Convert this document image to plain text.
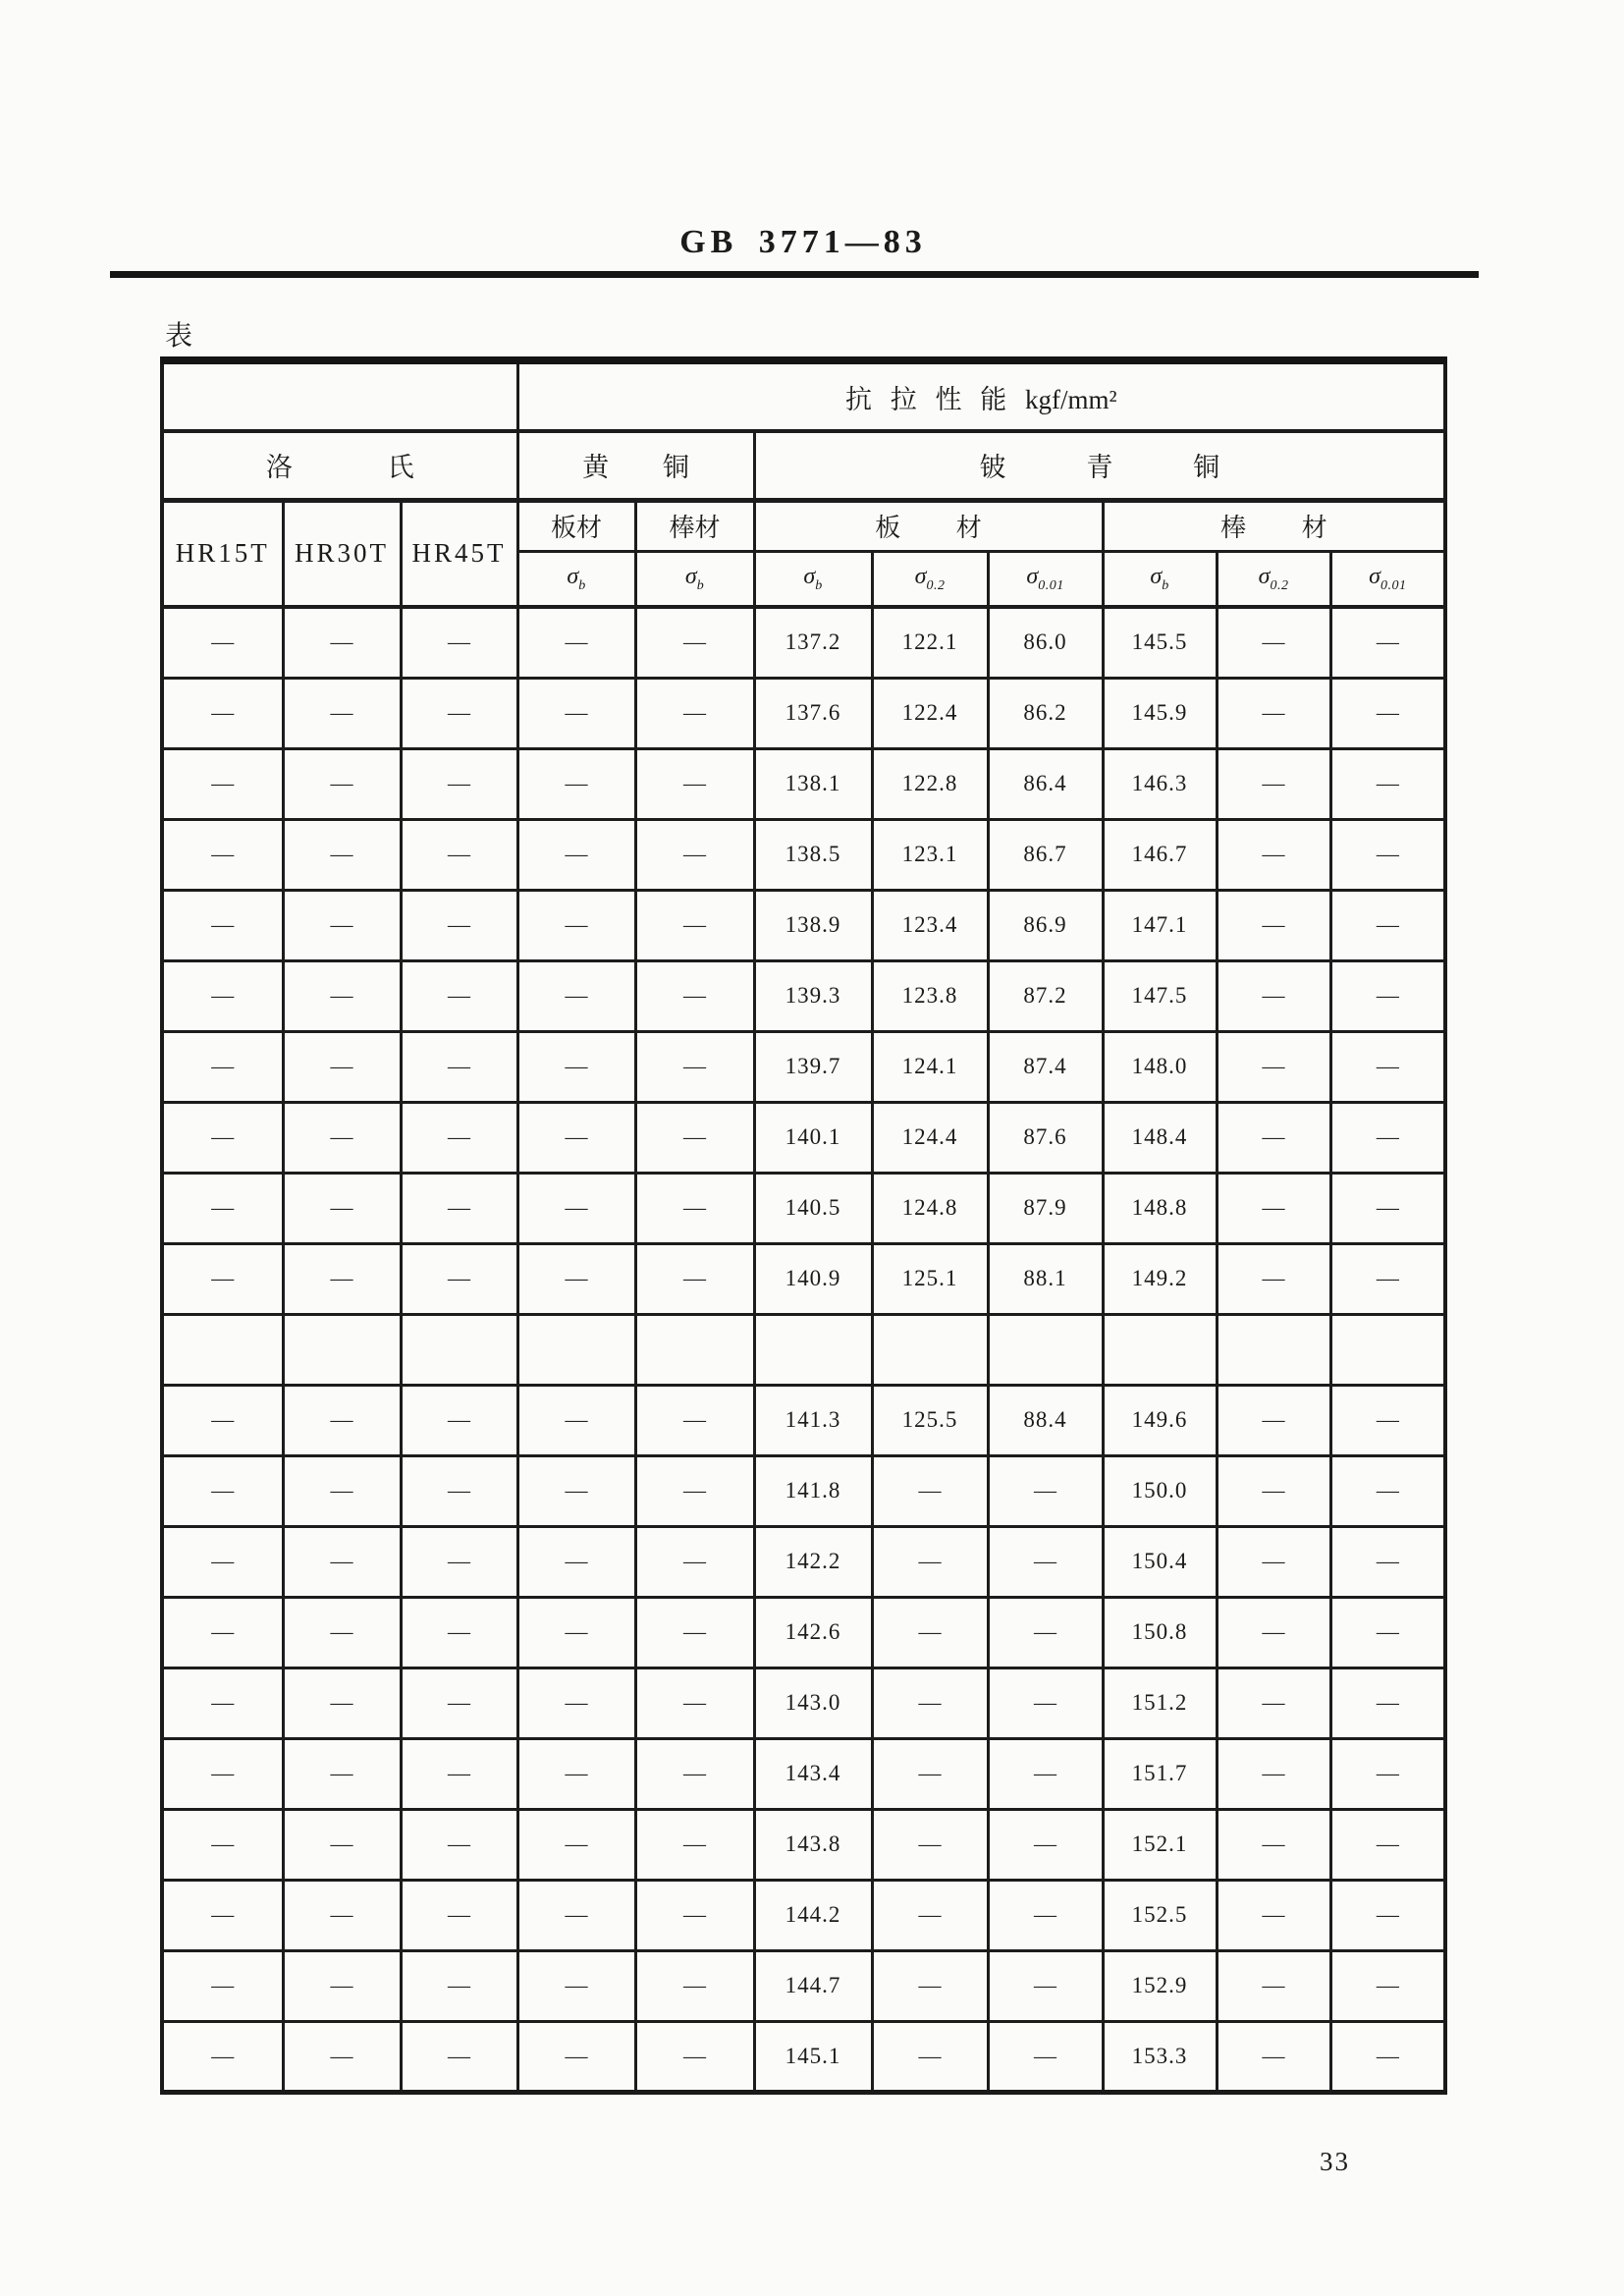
GB 3771—83
表
			抗 拉 性 能 kgf/mm²							
洛 氏			黄 铜		铍 青 铜					
HR15T	HR30T	HR45T	板材	棒材	板 材			棒 材		
			$\sigma_b$	$\sigma_b$	$\sigma_b$	$\sigma_{0.2}$	$\sigma_{0.01}$	$\sigma_b$	$\sigma_{0.2}$	$\sigma_{0.01}$
—	—	—	—	—	137.2	122.1	86.0	145.5	—	—
—	—	—	—	—	137.6	122.4	86.2	145.9	—	—
—	—	—	—	—	138.1	122.8	86.4	146.3	—	—
—	—	—	—	—	138.5	123.1	86.7	146.7	—	—
—	—	—	—	—	138.9	123.4	86.9	147.1	—	—
—	—	—	—	—	139.3	123.8	87.2	147.5	—	—
—	—	—	—	—	139.7	124.1	87.4	148.0	—	—
—	—	—	—	—	140.1	124.4	87.6	148.4	—	—
—	—	—	—	—	140.5	124.8	87.9	148.8	—	—
—	—	—	—	—	140.9	125.1	88.1	149.2	—	—

—	—	—	—	—	141.3	125.5	88.4	149.6	—	—
—	—	—	—	—	141.8	—	—	150.0	—	—
—	—	—	—	—	142.2	—	—	150.4	—	—
—	—	—	—	—	142.6	—	—	150.8	—	—
—	—	—	—	—	143.0	—	—	151.2	—	—
—	—	—	—	—	143.4	—	—	151.7	—	—
—	—	—	—	—	143.8	—	—	152.1	—	—
—	—	—	—	—	144.2	—	—	152.5	—	—
—	—	—	—	—	144.7	—	—	152.9	—	—
—	—	—	—	—	145.1	—	—	153.3	—	—
33
